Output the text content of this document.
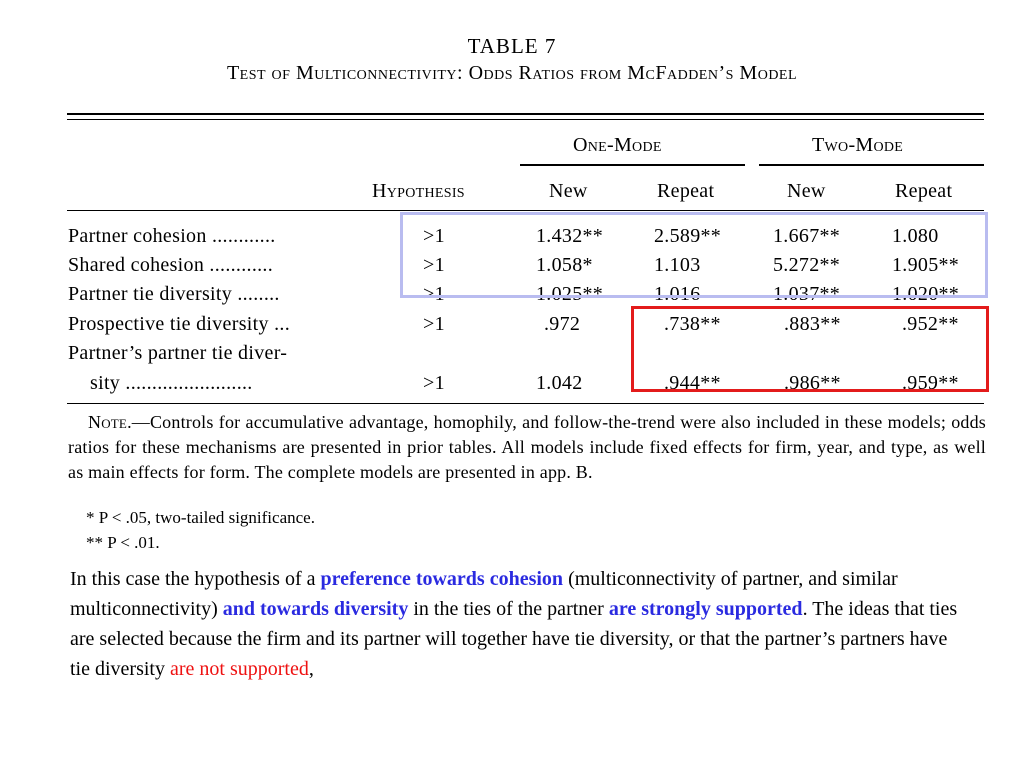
TABLE 7
Test of Multiconnectivity: Odds Ratios from McFadden’s Model
One-Mode	Two-Mode
Hypothesis	New	Repeat	New	Repeat
Partner cohesion ............	>1	1.432**	2.589**	1.667**	1.080
Shared cohesion ............	>1	1.058*	1.103	5.272**	1.905**
Partner tie diversity ........	>1	1.025**	1.016	1.037**	1.020**
Prospective tie diversity ...	>1	.972	.738**	.883**	.952**
Partner’s partner tie diver-
sity ........................	>1	1.042	.944**	.986**	.959**
Note.—Controls for accumulative advantage, homophily, and follow-the-trend were also included in these models; odds ratios for these mechanisms are presented in prior tables. All models include fixed effects for firm, year, and type, as well as main effects for form. The complete models are presented in app. B.
* P < .05, two-tailed significance.
** P < .01.
In this case the hypothesis of a preference towards cohesion (multiconnectivity of partner, and similar multiconnectivity) and towards diversity in the ties of the partner are strongly supported. The ideas that ties are selected because the firm and its partner will together have tie diversity, or that the partner’s partners have tie diversity are not supported,
